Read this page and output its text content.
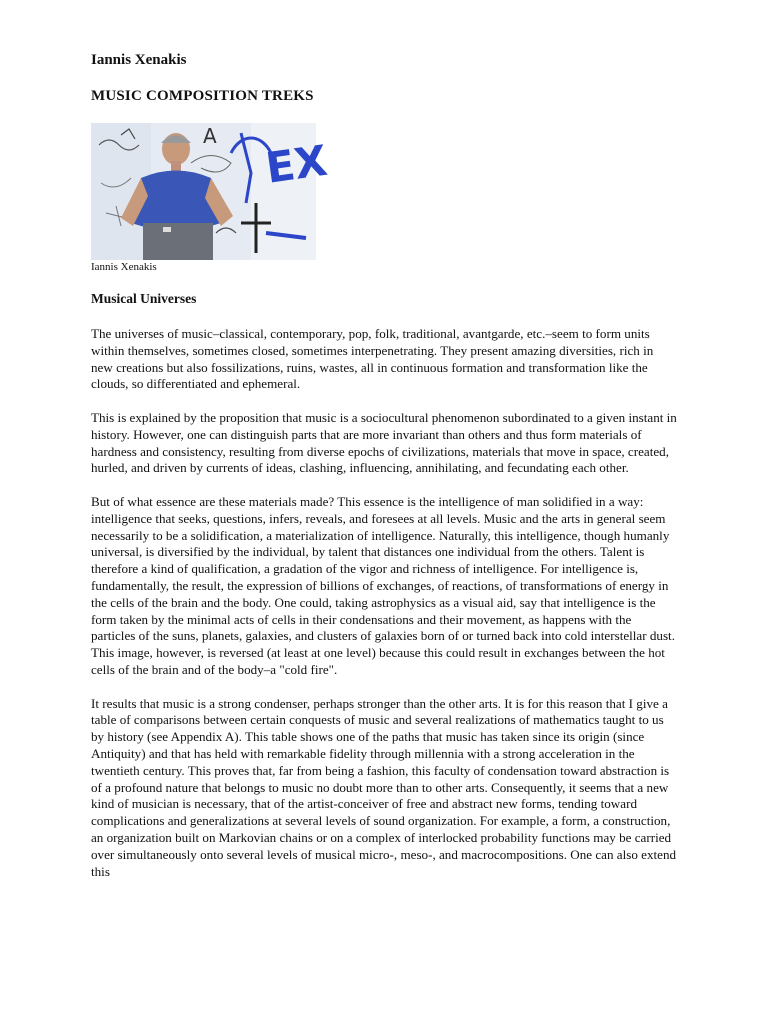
Iannis Xenakis
MUSIC COMPOSITION TREKS
A EX

Iannis Xenakis

Musical Universes

The universes of music–classical, contemporary, pop, folk, traditional, avantgarde, etc.–seem to form units within themselves, sometimes closed, sometimes interpenetrating. They present amazing diversities, rich in new creations but also fossilizations, ruins, wastes, all in continuous formation and transformation like the clouds, so differentiated and ephemeral.

This is explained by the proposition that music is a sociocultural phenomenon subordinated to a given instant in history. However, one can distinguish parts that are more invariant than others and thus form materials of hardness and consistency, resulting from diverse epochs of civilizations, materials that move in space, created, hurled, and driven by currents of ideas, clashing, influencing, annihilating, and fecundating each other.

But of what essence are these materials made? This essence is the intelligence of man solidified in a way: intelligence that seeks, questions, infers, reveals, and foresees at all levels. Music and the arts in general seem necessarily to be a solidification, a materialization of intelligence. Naturally, this intelligence, though humanly universal, is diversified by the individual, by talent that distances one individual from the others. Talent is therefore a kind of qualification, a gradation of the vigor and richness of intelligence. For intelligence is, fundamentally, the result, the expression of billions of exchanges, of reactions, of transformations of energy in the cells of the brain and the body. One could, taking astrophysics as a visual aid, say that intelligence is the form taken by the minimal acts of cells in their condensations and their movement, as happens with the particles of the suns, planets, galaxies, and clusters of galaxies born of or turned back into cold interstellar dust. This image, however, is reversed (at least at one level) because this could result in exchanges between the hot cells of the brain and of the body–a "cold fire".

It results that music is a strong condenser, perhaps stronger than the other arts. It is for this reason that I give a table of comparisons between certain conquests of music and several realizations of mathematics taught to us by history (see Appendix A). This table shows one of the paths that music has taken since its origin (since Antiquity) and that has held with remarkable fidelity through millennia with a strong acceleration in the twentieth century. This proves that, far from being a fashion, this faculty of condensation toward abstraction is of a profound nature that belongs to music no doubt more than to other arts. Consequently, it seems that a new kind of musician is necessary, that of the artist-conceiver of free and abstract new forms, tending toward complications and generalizations at several levels of sound organization. For example, a form, a construction, an organization built on Markovian chains or on a complex of interlocked probability functions may be carried over simultaneously onto several levels of musical micro-, meso-, and macrocompositions. One can also extend this
